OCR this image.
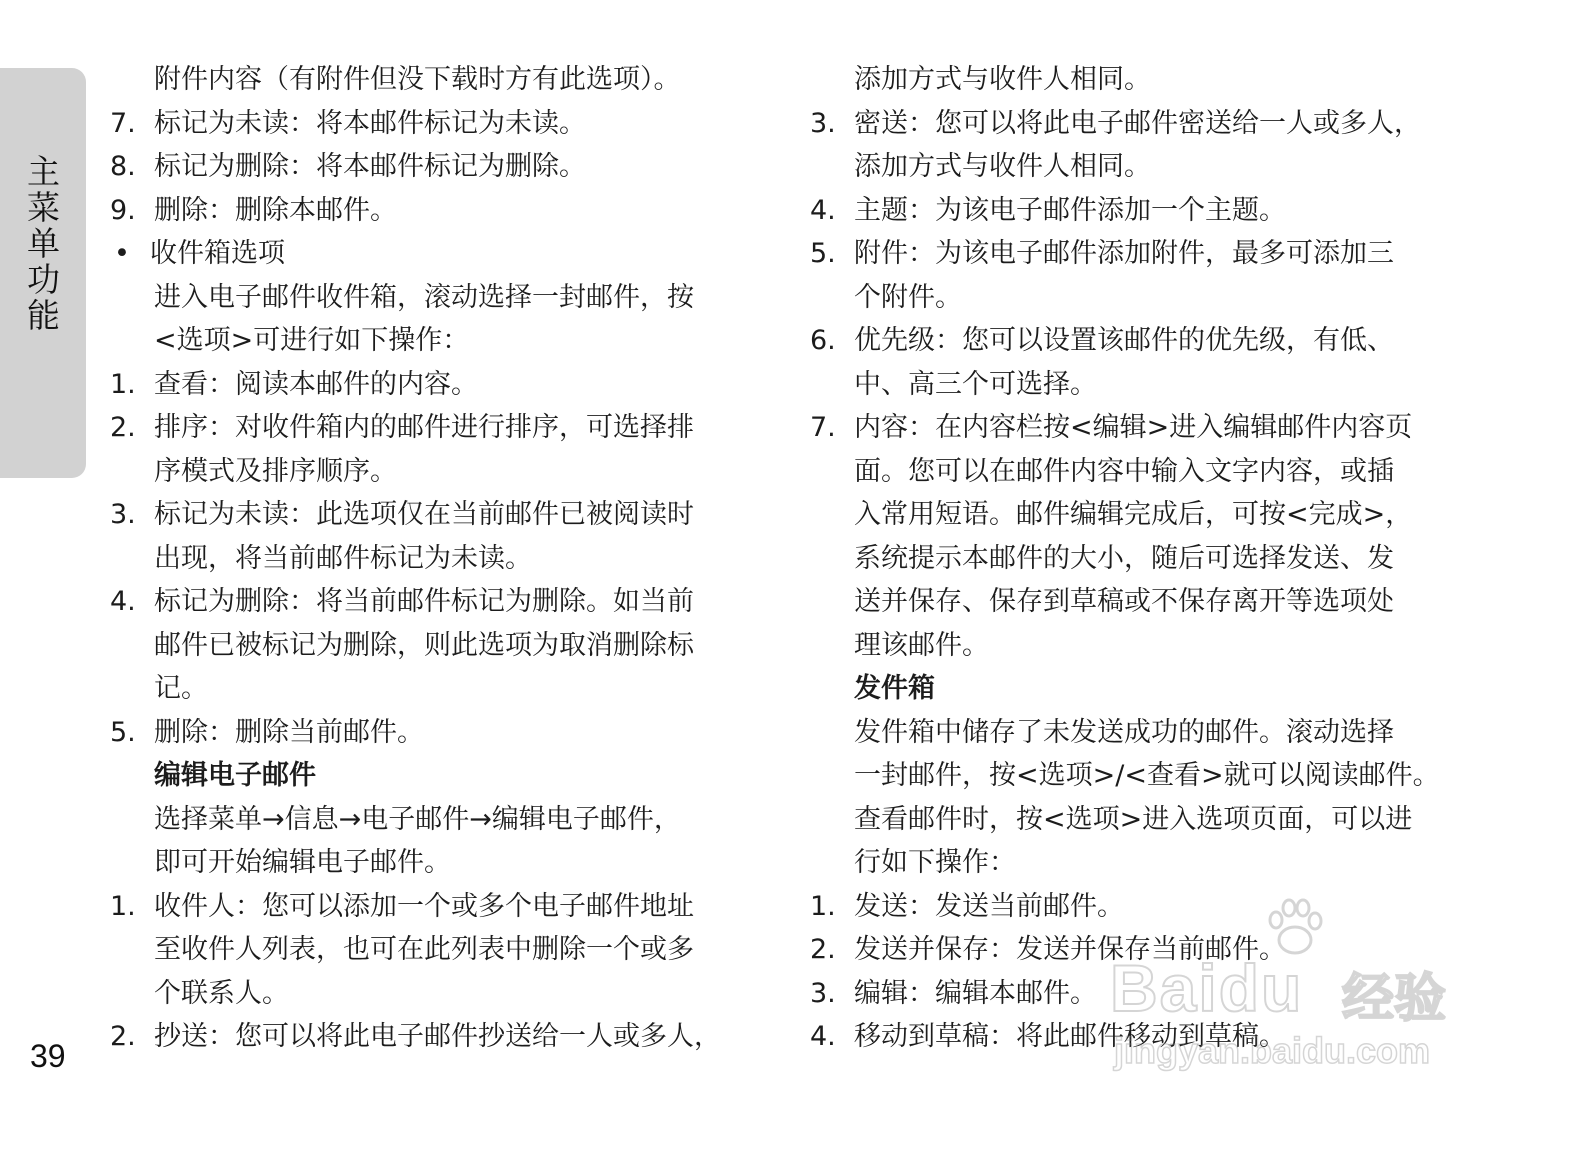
主菜单功能
39
附件内容（有附件但没下载时方有此选项）。
7. 标记为未读：将本邮件标记为未读。
8. 标记为删除：将本邮件标记为删除。
9. 删除：删除本邮件。
• 收件箱选项
进入电子邮件收件箱，滚动选择一封邮件，按
<选项>可进行如下操作：
1. 查看：阅读本邮件的内容。
2. 排序：对收件箱内的邮件进行排序，可选择排
序模式及排序顺序。
3. 标记为未读：此选项仅在当前邮件已被阅读时
出现，将当前邮件标记为未读。
4. 标记为删除：将当前邮件标记为删除。如当前
邮件已被标记为删除，则此选项为取消删除标
记。
5. 删除：删除当前邮件。
编辑电子邮件
选择菜单→信息→电子邮件→编辑电子邮件，
即可开始编辑电子邮件。
1. 收件人：您可以添加一个或多个电子邮件地址
至收件人列表，也可在此列表中删除一个或多
个联系人。
2. 抄送：您可以将此电子邮件抄送给一人或多人，
添加方式与收件人相同。
3. 密送：您可以将此电子邮件密送给一人或多人，
添加方式与收件人相同。
4. 主题：为该电子邮件添加一个主题。
5. 附件：为该电子邮件添加附件，最多可添加三
个附件。
6. 优先级：您可以设置该邮件的优先级，有低、
中、高三个可选择。
7. 内容：在内容栏按<编辑>进入编辑邮件内容页
面。您可以在邮件内容中输入文字内容，或插
入常用短语。邮件编辑完成后，可按<完成>，
系统提示本邮件的大小，随后可选择发送、发
送并保存、保存到草稿或不保存离开等选项处
理该邮件。
发件箱
发件箱中储存了未发送成功的邮件。滚动选择
一封邮件，按<选项>/<查看>就可以阅读邮件。
查看邮件时，按<选项>进入选项页面，可以进
行如下操作：
1. 发送：发送当前邮件。
2. 发送并保存：发送并保存当前邮件。
3. 编辑：编辑本邮件。
4. 移动到草稿：将此邮件移动到草稿。
Baidu 经验
jingyan.baidu.com
